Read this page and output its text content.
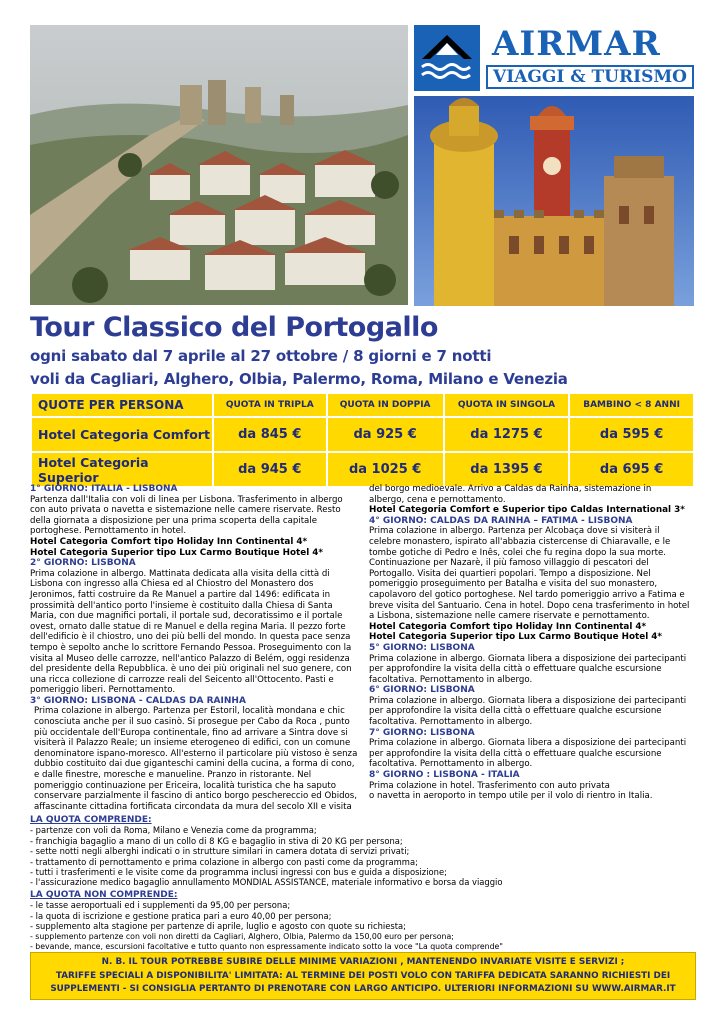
AIRMAR
VIAGGI & TURISMO
Tour Classico del Portogallo
ogni sabato dal 7 aprile al 27 ottobre / 8 giorni e 7 notti
voli da Cagliari, Alghero, Olbia, Palermo, Roma, Milano e Venezia
QUOTE PER PERSONA	QUOTA IN TRIPLA	QUOTA IN DOPPIA	QUOTA IN SINGOLA	BAMBINO < 8 ANNI
Hotel Categoria Comfort	da 845 €	da 925 €	da 1275 €	da 595 €
Hotel Categoria Superior	da 945 €	da 1025 €	da 1395 €	da 695 €
1° GIORNO: ITALIA - LISBONA
Partenza dall'Italia con voli di linea per Lisbona. Trasferimento in albergo
con auto privata o navetta e sistemazione nelle camere riservate. Resto
della giornata a disposizione per una prima scoperta della capitale
portoghese. Pernottamento in hotel.
Hotel Categoria Comfort tipo Holiday Inn Continental 4*
Hotel Categoria Superior tipo Lux Carmo Boutique Hotel 4*
2° GIORNO: LISBONA
Prima colazione in albergo. Mattinata dedicata alla visita della città di
Lisbona con ingresso alla Chiesa ed al Chiostro del Monastero dos
Jeronimos, fatti costruire da Re Manuel a partire dal 1496: edificata in
prossimità dell'antico porto l'insieme è costituito dalla Chiesa di Santa
Maria, con due magnifici portali, il portale sud, decoratissimo e il portale
ovest, ornato dalle statue di re Manuel e della regina Maria. Il pezzo forte
dell'edificio è il chiostro, uno dei più belli del mondo. In questa pace senza
tempo è sepolto anche lo scrittore Fernando Pessoa. Proseguimento con la
visita al Museo delle carrozze, nell'antico Palazzo di Belém, oggi residenza
del presidente della Repubblica. è uno dei più originali nel suo genere, con
una ricca collezione di carrozze reali del Seicento all'Ottocento. Pasti e
pomeriggio liberi. Pernottamento.
3° GIORNO: LISBONA - CALDAS DA RAINHA
Prima colazione in albergo. Partenza per Estoril, località mondana e chic
conosciuta anche per il suo casinò. Si prosegue per Cabo da Roca , punto
più occidentale dell'Europa continentale, fino ad arrivare a Sintra dove si
visiterà il Palazzo Reale; un insieme eterogeneo di edifici, con un comune
denominatore ispano-moresco. All'esterno il particolare più vistoso è senza
dubbio costituito dai due giganteschi camini della cucina, a forma di cono,
e dalle finestre, moresche e manueline. Pranzo in ristorante. Nel
pomeriggio continuazione per Ericeira, località turistica che ha saputo
conservare parzialmente il fascino di antico borgo peschereccio ed Obidos,
affascinante cittadina fortificata circondata da mura del secolo XII e visita
del borgo medioevale. Arrivo a Caldas da Rainha, sistemazione in
albergo, cena e pernottamento.
Hotel Categoria Comfort e Superior tipo Caldas International 3*
4° GIORNO: CALDAS DA RAINHA – FATIMA - LISBONA
Prima colazione in albergo. Partenza per Alcobaça dove si visiterà il
celebre monastero, ispirato all'abbazia cistercense di Chiaravalle, e le
tombe gotiche di Pedro e Inês, colei che fu regina dopo la sua morte.
Continuazione per Nazarè, il più famoso villaggio di pescatori del
Portogallo. Visita dei quartieri popolari. Tempo a disposizione. Nel
pomeriggio proseguimento per Batalha e visita del suo monastero,
capolavoro del gotico portoghese. Nel tardo pomeriggio arrivo a Fatima e
breve visita del Santuario. Cena in hotel. Dopo cena trasferimento in hotel
a Lisbona, sistemazione nelle camere riservate e pernottamento.
Hotel Categoria Comfort tipo Holiday Inn Continental 4*
Hotel Categoria Superior tipo Lux Carmo Boutique Hotel 4*
5° GIORNO: LISBONA
Prima colazione in albergo. Giornata libera a disposizione dei partecipanti
per approfondire la visita della città o effettuare qualche escursione
facoltativa. Pernottamento in albergo.
6° GIORNO: LISBONA
Prima colazione in albergo. Giornata libera a disposizione dei partecipanti
per approfondire la visita della città o effettuare qualche escursione
facoltativa. Pernottamento in albergo.
7° GIORNO: LISBONA
Prima colazione in albergo. Giornata libera a disposizione dei partecipanti
per approfondire la visita della città o effettuare qualche escursione
facoltativa. Pernottamento in albergo.
8° GIORNO : LISBONA - ITALIA
Prima colazione in hotel. Trasferimento con auto privata
o navetta in aeroporto in tempo utile per il volo di rientro in Italia.
LA QUOTA COMPRENDE:
- partenze con voli da Roma, Milano e Venezia come da programma;
- franchigia bagaglio a mano di un collo di 8 KG e bagaglio in stiva di 20 KG per persona;
- sette notti negli alberghi indicati o in strutture similari in camera dotata di servizi privati;
- trattamento di pernottamento e prima colazione in albergo con pasti come da programma;
- tutti i trasferimenti e le visite come da programma inclusi ingressi con bus e guida a disposizione;
- l'assicurazione medico bagaglio annullamento MONDIAL ASSISTANCE, materiale informativo e borsa da viaggio
LA QUOTA NON COMPRENDE:
- le tasse aeroportuali ed i supplementi da 95,00 per persona;
- la quota di iscrizione e gestione pratica pari a euro 40,00 per persona;
- supplemento alta stagione per partenze di aprile, luglio e agosto con quote su richiesta;
- supplemento partenze con voli non diretti da Cagliari, Alghero, Olbia, Palermo da 150,00 euro per persona;
- bevande, mance, escursioni facoltative e tutto quanto non espressamente indicato sotto la voce "La quota comprende"
N. B. IL TOUR POTREBBE SUBIRE DELLE MINIME VARIAZIONI , MANTENENDO INVARIATE VISITE E SERVIZI ;
TARIFFE SPECIALI A DISPONIBILITA' LIMITATA: AL TERMINE DEI POSTI VOLO CON TARIFFA DEDICATA SARANNO RICHIESTI DEI
SUPPLEMENTI - SI CONSIGLIA PERTANTO DI PRENOTARE CON LARGO ANTICIPO. ULTERIORI INFORMAZIONI SU WWW.AIRMAR.IT
